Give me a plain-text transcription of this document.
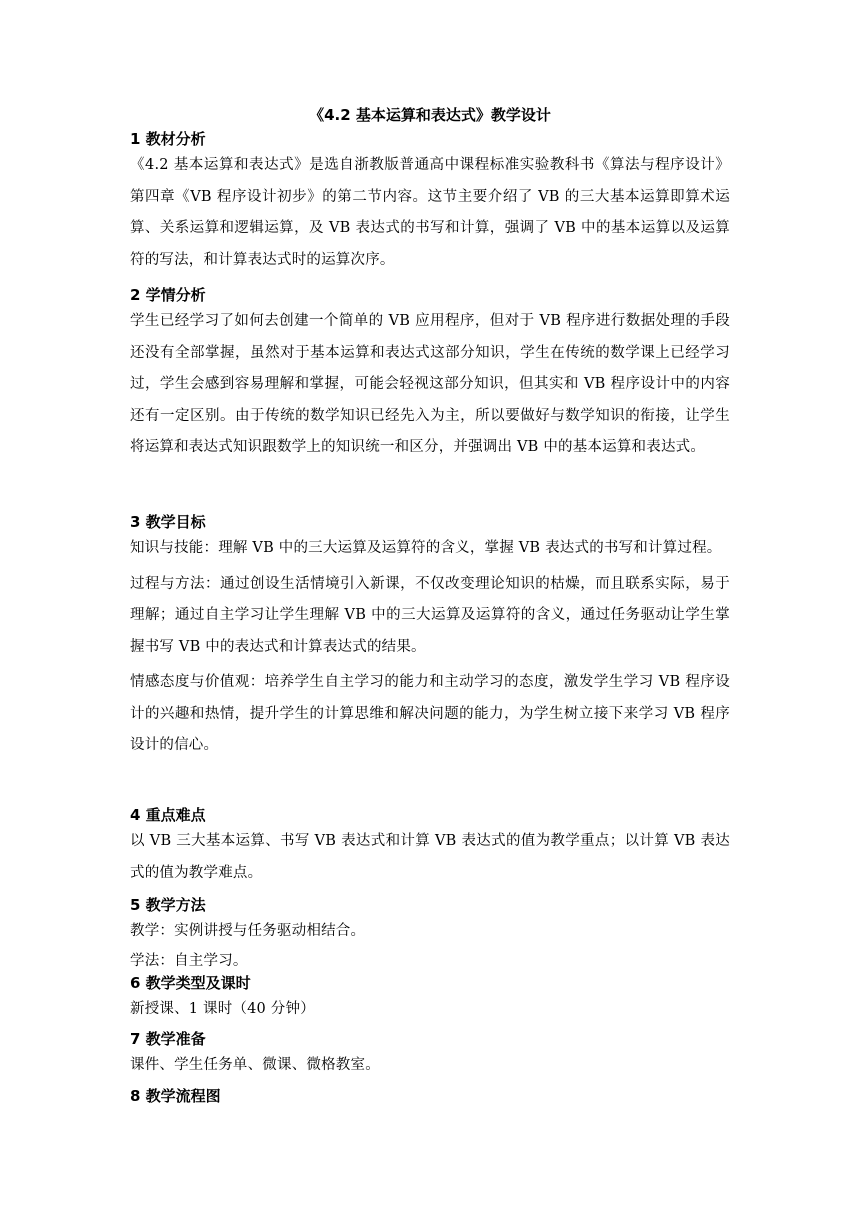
《4.2 基本运算和表达式》教学设计
1 教材分析

《4.2 基本运算和表达式》是选自浙教版普通高中课程标准实验教科书《算法与程序设计》第四章《VB 程序设计初步》的第二节内容。这节主要介绍了 VB 的三大基本运算即算术运算、关系运算和逻辑运算，及 VB 表达式的书写和计算，强调了 VB 中的基本运算以及运算符的写法，和计算表达式时的运算次序。

2 学情分析

学生已经学习了如何去创建一个简单的 VB 应用程序，但对于 VB 程序进行数据处理的手段还没有全部掌握，虽然对于基本运算和表达式这部分知识，学生在传统的数学课上已经学习过，学生会感到容易理解和掌握，可能会轻视这部分知识，但其实和 VB 程序设计中的内容还有一定区别。由于传统的数学知识已经先入为主，所以要做好与数学知识的衔接，让学生将运算和表达式知识跟数学上的知识统一和区分，并强调出 VB 中的基本运算和表达式。

3 教学目标

知识与技能：理解 VB 中的三大运算及运算符的含义，掌握 VB 表达式的书写和计算过程。

过程与方法：通过创设生活情境引入新课，不仅改变理论知识的枯燥，而且联系实际，易于理解；通过自主学习让学生理解 VB 中的三大运算及运算符的含义，通过任务驱动让学生掌握书写 VB 中的表达式和计算表达式的结果。

情感态度与价值观：培养学生自主学习的能力和主动学习的态度，激发学生学习 VB 程序设计的兴趣和热情，提升学生的计算思维和解决问题的能力，为学生树立接下来学习 VB 程序设计的信心。

4 重点难点

以 VB 三大基本运算、书写 VB 表达式和计算 VB 表达式的值为教学重点；以计算 VB 表达式的值为教学难点。

5 教学方法

教学：实例讲授与任务驱动相结合。

学法：自主学习。

6 教学类型及课时

新授课、1 课时（40 分钟）

7 教学准备

课件、学生任务单、微课、微格教室。

8 教学流程图
